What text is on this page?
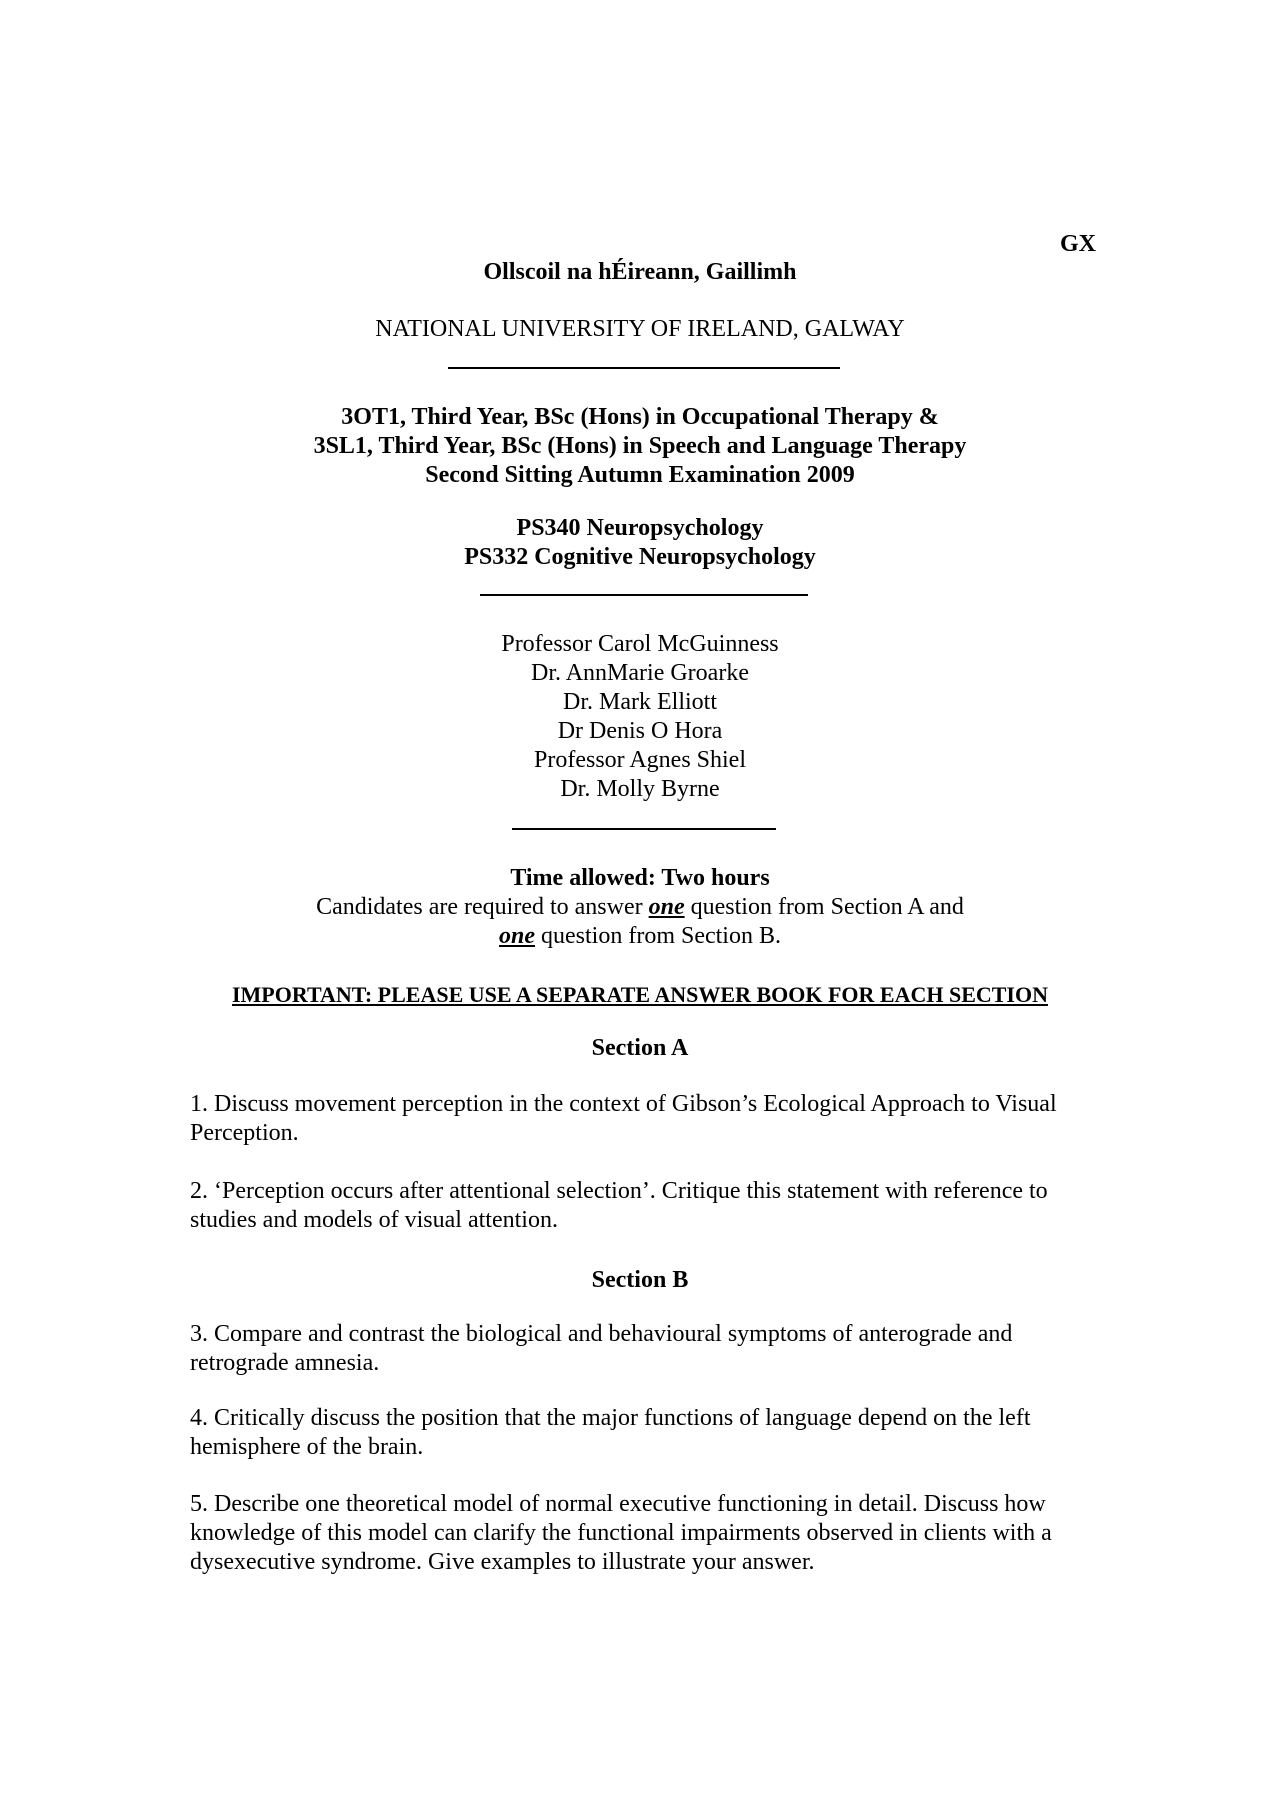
GX
Ollscoil na hÉireann, Gaillimh
NATIONAL UNIVERSITY OF IRELAND, GALWAY
3OT1, Third Year, BSc (Hons) in Occupational Therapy &
3SL1, Third Year, BSc (Hons) in Speech and Language Therapy
Second Sitting Autumn Examination 2009
PS340 Neuropsychology
PS332 Cognitive Neuropsychology
Professor Carol McGuinness
Dr. AnnMarie Groarke
Dr. Mark Elliott
Dr Denis O Hora
Professor Agnes Shiel
Dr. Molly Byrne
Time allowed: Two hours
Candidates are required to answer one question from Section A and
one question from Section B.
IMPORTANT: PLEASE USE A SEPARATE ANSWER BOOK FOR EACH SECTION
Section A
1. Discuss movement perception in the context of Gibson’s Ecological Approach to Visual Perception.
2. ‘Perception occurs after attentional selection’. Critique this statement with reference to studies and models of visual attention.
Section B
3. Compare and contrast the biological and behavioural symptoms of anterograde and retrograde amnesia.
4. Critically discuss the position that the major functions of language depend on the left hemisphere of the brain.
5. Describe one theoretical model of normal executive functioning in detail. Discuss how knowledge of this model can clarify the functional impairments observed in clients with a dysexecutive syndrome. Give examples to illustrate your answer.
